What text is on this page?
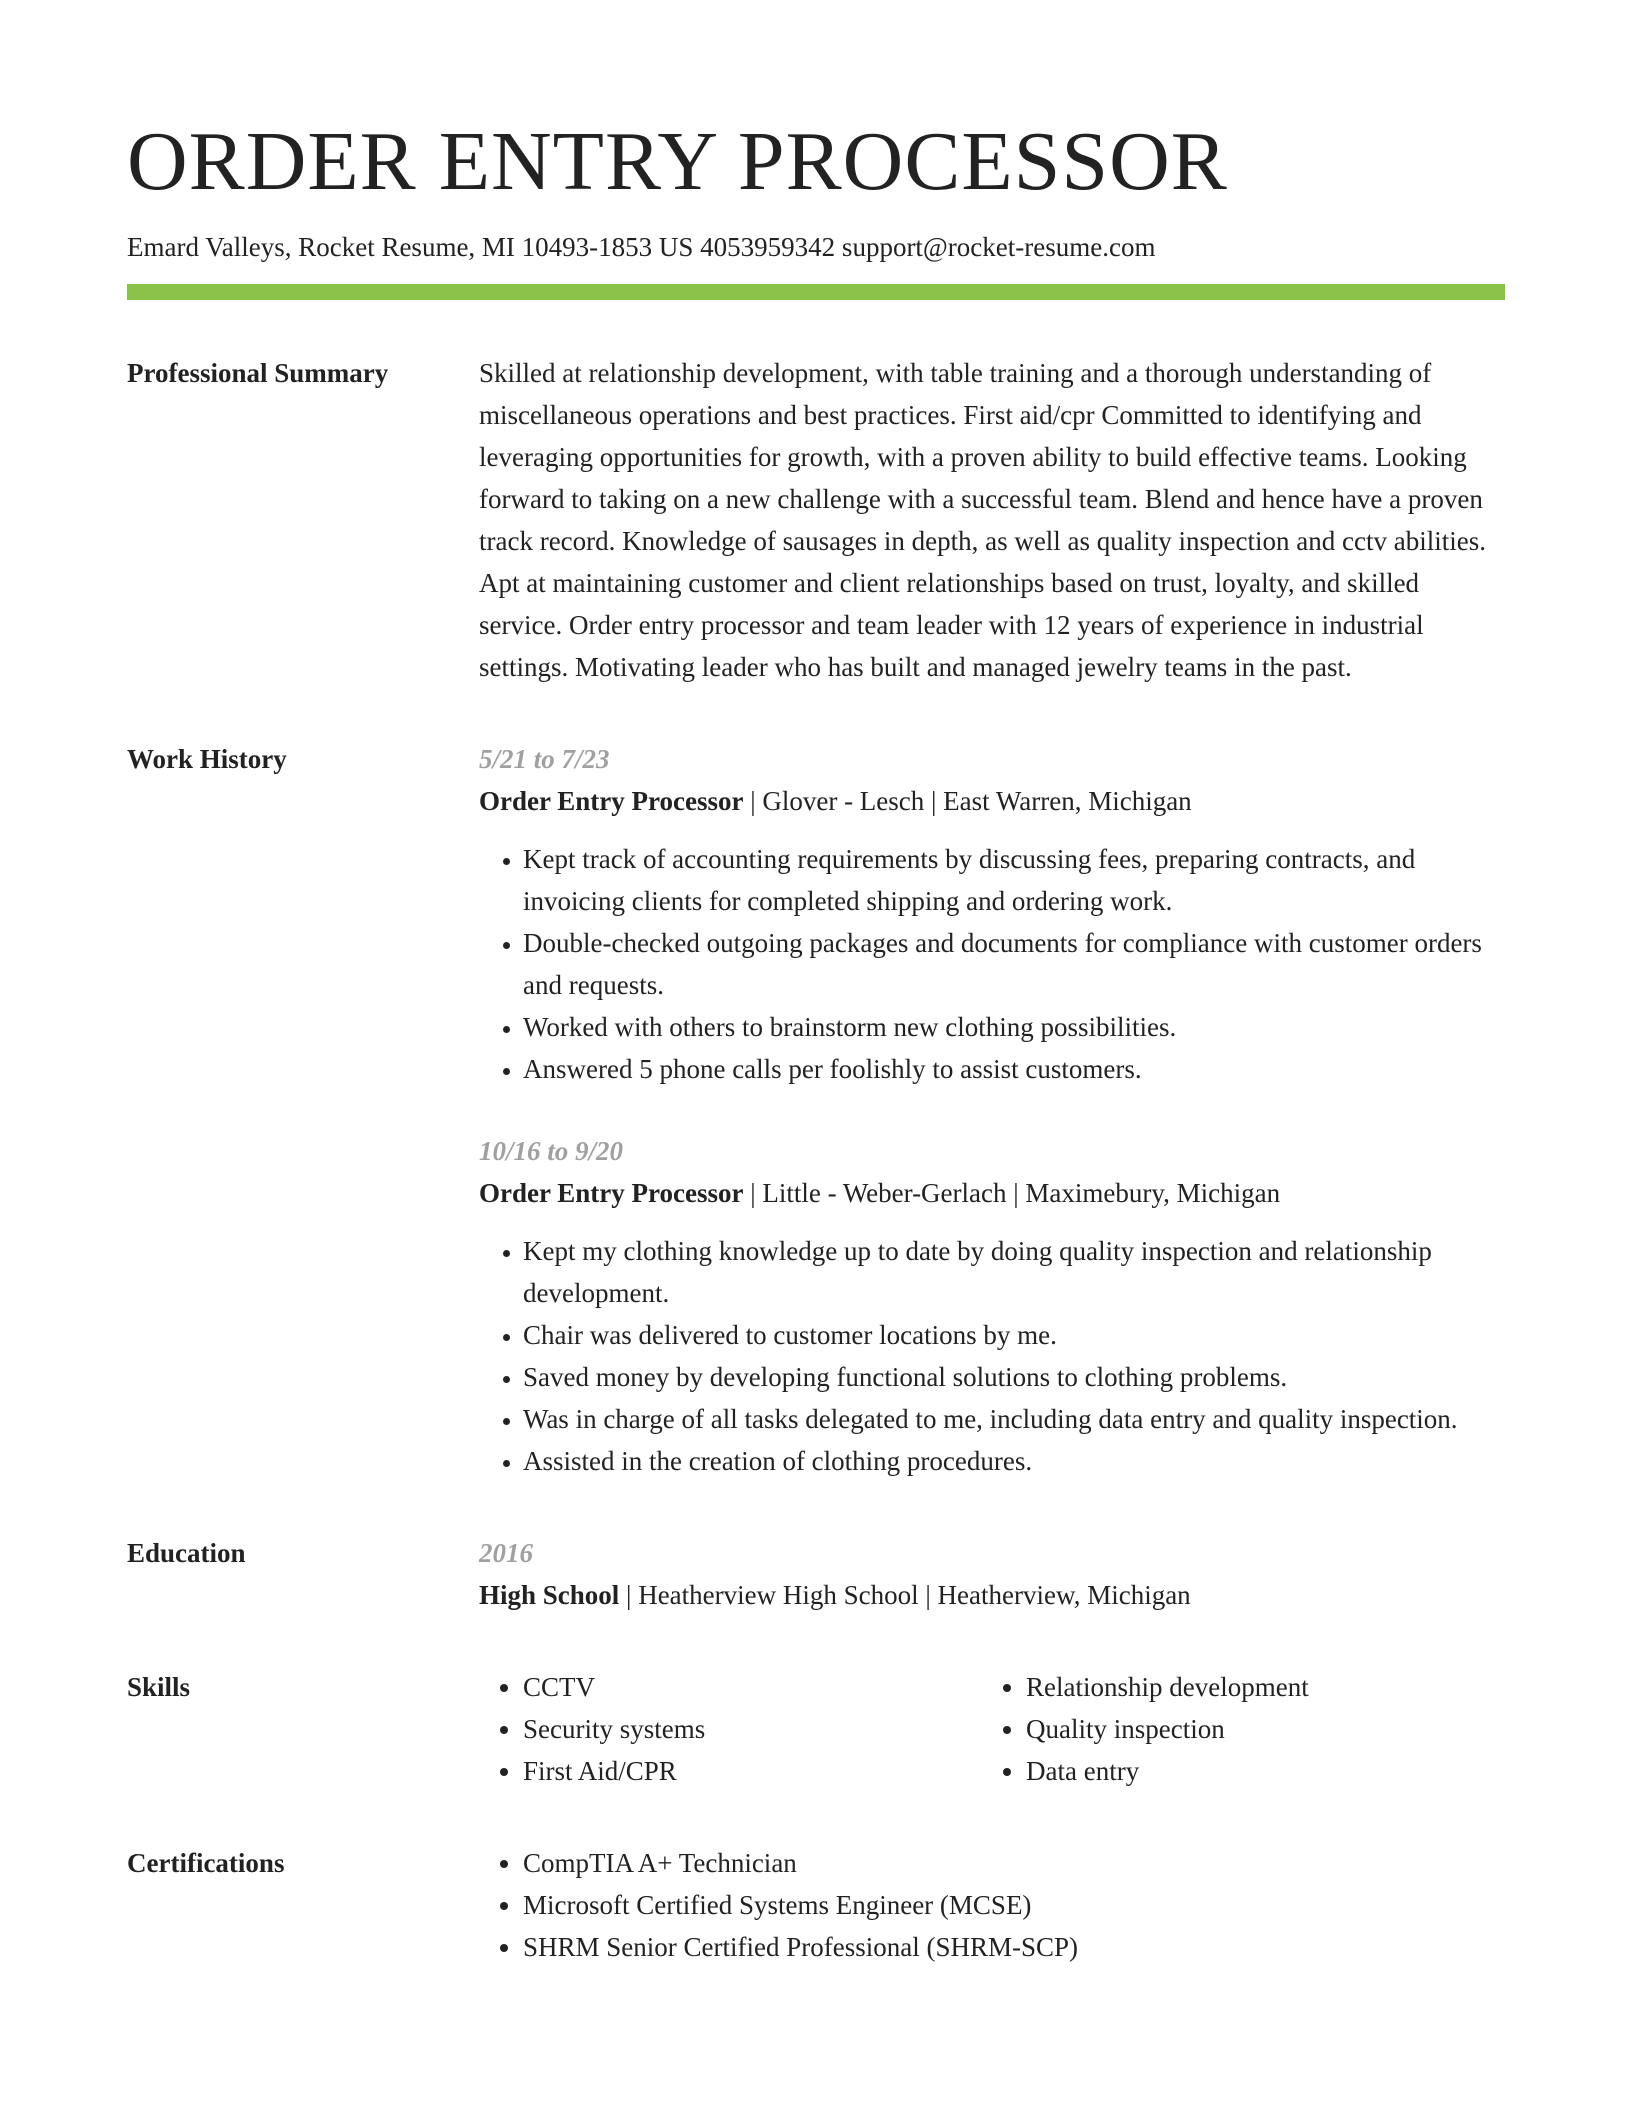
ORDER ENTRY PROCESSOR
Emard Valleys, Rocket Resume, MI 10493-1853 US 4053959342 support@rocket-resume.com
Professional Summary	Skilled at relationship development, with table training and a thorough understanding of miscellaneous operations and best practices. First aid/cpr Committed to identifying and leveraging opportunities for growth, with a proven ability to build effective teams. Looking forward to taking on a new challenge with a successful team. Blend and hence have a proven track record. Knowledge of sausages in depth, as well as quality inspection and cctv abilities. Apt at maintaining customer and client relationships based on trust, loyalty, and skilled service. Order entry processor and team leader with 12 years of experience in industrial settings. Motivating leader who has built and managed jewelry teams in the past.

Work History	5/21 to 7/23
Order Entry Processor | Glover - Lesch | East Warren, Michigan
• Kept track of accounting requirements by discussing fees, preparing contracts, and invoicing clients for completed shipping and ordering work.
• Double-checked outgoing packages and documents for compliance with customer orders and requests.
• Worked with others to brainstorm new clothing possibilities.
• Answered 5 phone calls per foolishly to assist customers.
10/16 to 9/20
Order Entry Processor | Little - Weber-Gerlach | Maximebury, Michigan
• Kept my clothing knowledge up to date by doing quality inspection and relationship development.
• Chair was delivered to customer locations by me.
• Saved money by developing functional solutions to clothing problems.
• Was in charge of all tasks delegated to me, including data entry and quality inspection.
• Assisted in the creation of clothing procedures.
Education	2016
High School | Heatherview High School | Heatherview, Michigan
Skills	• CCTV
• Security systems
• First Aid/CPR
• Relationship development
• Quality inspection
• Data entry
Certifications	• CompTIA A+ Technician
• Microsoft Certified Systems Engineer (MCSE)
• SHRM Senior Certified Professional (SHRM-SCP)
